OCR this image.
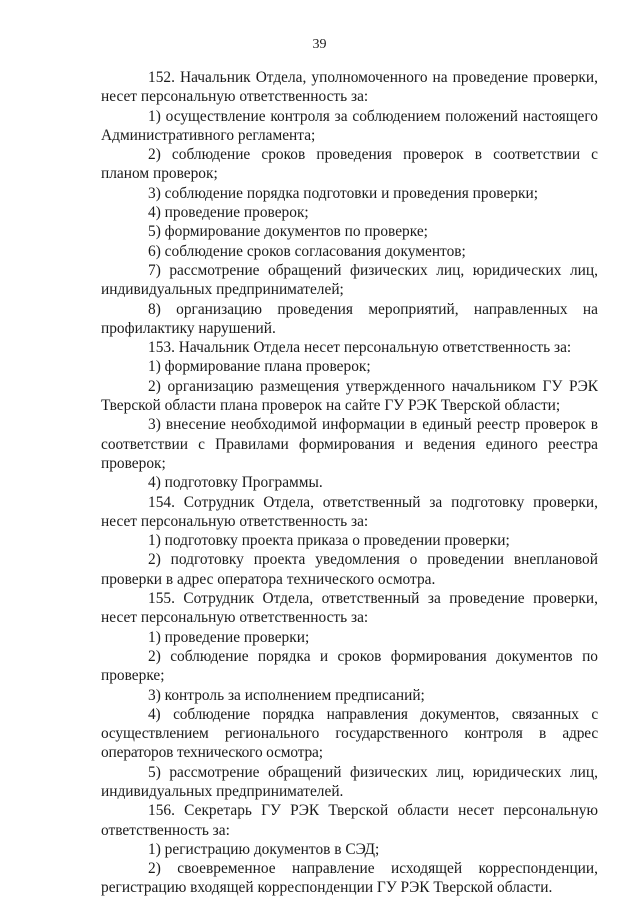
39

152. Начальник Отдела, уполномоченного на проведение проверки, несет персональную ответственность за:

1) осуществление контроля за соблюдением положений настоящего Административного регламента;

2) соблюдение сроков проведения проверок в соответствии с планом проверок;

3) соблюдение порядка подготовки и проведения проверки;

4) проведение проверок;

5) формирование документов по проверке;

6) соблюдение сроков согласования документов;

7) рассмотрение обращений физических лиц, юридических лиц, индивидуальных предпринимателей;

8) организацию проведения мероприятий, направленных на профилактику нарушений.

153. Начальник Отдела несет персональную ответственность за:

1) формирование плана проверок;

2) организацию размещения утвержденного начальником ГУ РЭК Тверской области плана проверок на сайте ГУ РЭК Тверской области;

3) внесение необходимой информации в единый реестр проверок в соответствии с Правилами формирования и ведения единого реестра проверок;

4) подготовку Программы.

154. Сотрудник Отдела, ответственный за подготовку проверки, несет персональную ответственность за:

1) подготовку проекта приказа о проведении проверки;

2) подготовку проекта уведомления о проведении внеплановой проверки в адрес оператора технического осмотра.

155. Сотрудник Отдела, ответственный за проведение проверки, несет персональную ответственность за:

1) проведение проверки;

2) соблюдение порядка и сроков формирования документов по проверке;

3) контроль за исполнением предписаний;

4) соблюдение порядка направления документов, связанных с осуществлением регионального государственного контроля в адрес операторов технического осмотра;

5) рассмотрение обращений физических лиц, юридических лиц, индивидуальных предпринимателей.

156. Секретарь ГУ РЭК Тверской области несет персональную ответственность за:

1) регистрацию документов в СЭД;

2) своевременное направление исходящей корреспонденции, регистрацию входящей корреспонденции ГУ РЭК Тверской области.
